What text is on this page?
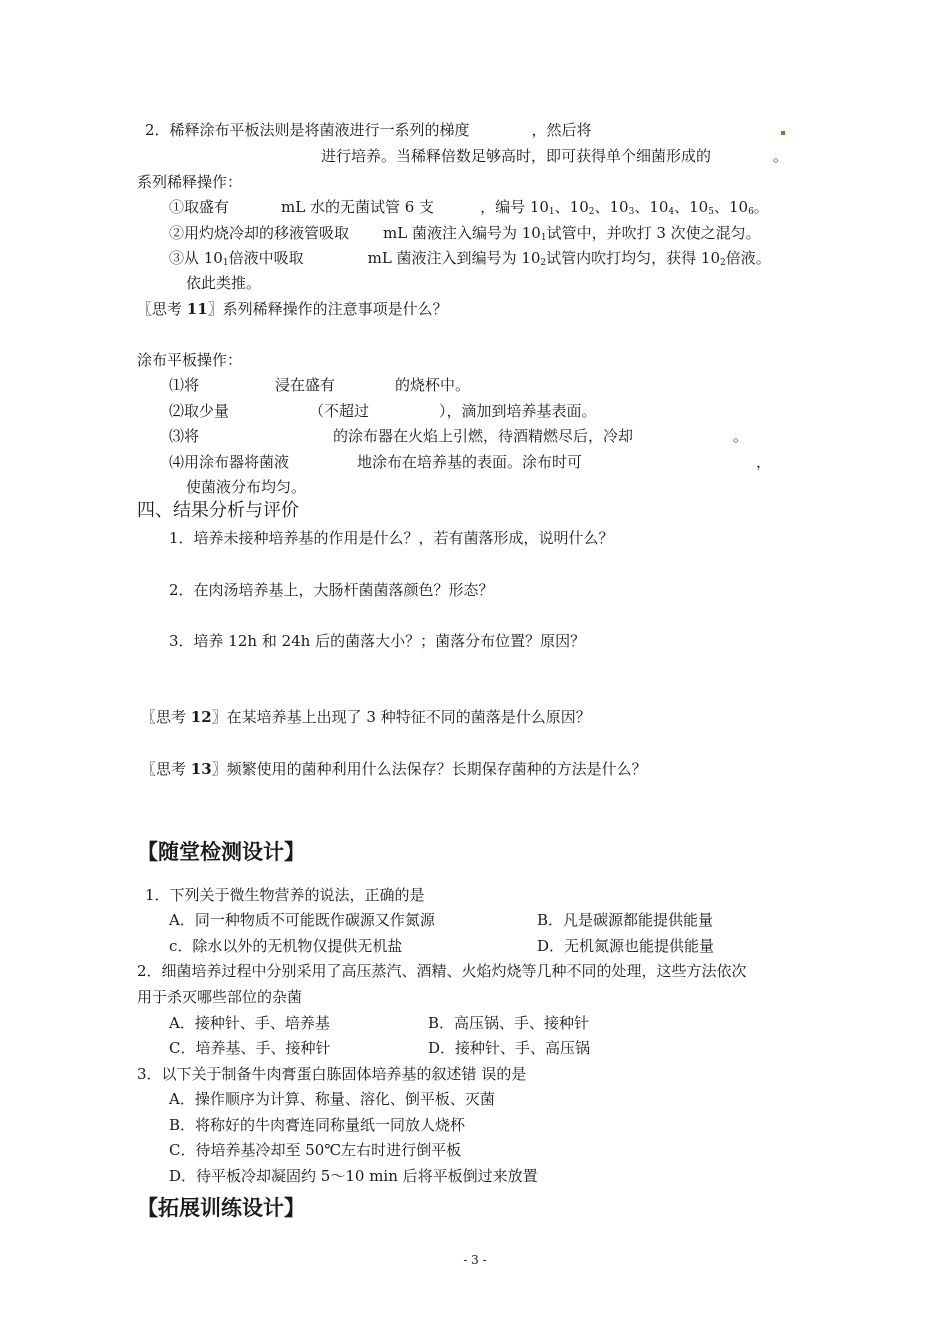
2．稀释涂布平板法则是将菌液进行一系列的梯度	，然后将
进行培养。当稀释倍数足够高时，即可获得单个细菌形成的	。
系列稀释操作：
①取盛有	mL 水的无菌试管 6 支	，编号 $10_1$、$10_2$、$10_3$、$10_4$、$10_5$、$10_6$。
②用灼烧冷却的移液管吸取 mL 菌液注入编号为 $10_1$试管中，并吹打 3 次使之混匀。
③从 $10_1$倍液中吸取	mL 菌液注入到编号为 $10_2$试管内吹打均匀，获得 $10_2$倍液。
依此类推。
〖思考 11〗系列稀释操作的注意事项是什么？
涂布平板操作：
⑴将	浸在盛有	的烧杯中。
⑵取少量	（不超过	），滴加到培养基表面。
⑶将	的涂布器在火焰上引燃，待酒精燃尽后，冷却	。
⑷用涂布器将菌液	地涂布在培养基的表面。涂布时可	，
使菌液分布均匀。
四、结果分析与评价
1．培养未接种培养基的作用是什么？，若有菌落形成，说明什么？
2．在肉汤培养基上，大肠杆菌菌落颜色？形态？
3．培养 12h 和 24h 后的菌落大小？；菌落分布位置？原因？
〖思考 12〗在某培养基上出现了 3 种特征不同的菌落是什么原因？
〖思考 13〗频繁使用的菌种利用什么法保存？长期保存菌种的方法是什么？
【随堂检测设计】
1．下列关于微生物营养的说法，正确的是
A．同一种物质不可能既作碳源又作氮源	B．凡是碳源都能提供能量
c．除水以外的无机物仅提供无机盐	D．无机氮源也能提供能量
2．细菌培养过程中分别采用了高压蒸汽、酒精、火焰灼烧等几种不同的处理，这些方法依次
用于杀灭哪些部位的杂菌
A．接种针、手、培养基	B．高压锅、手、接种针
C．培养基、手、接种针	D．接种针、手、高压锅
3．以下关于制备牛肉膏蛋白胨固体培养基的叙述错 误的是
A．操作顺序为计算、称量、溶化、倒平板、灭菌
B．将称好的牛肉膏连同称量纸一同放人烧杯
C．待培养基冷却至 50℃左右时进行倒平板
D．待平板冷却凝固约 5～10 min 后将平板倒过来放置
【拓展训练设计】
- 3 -
